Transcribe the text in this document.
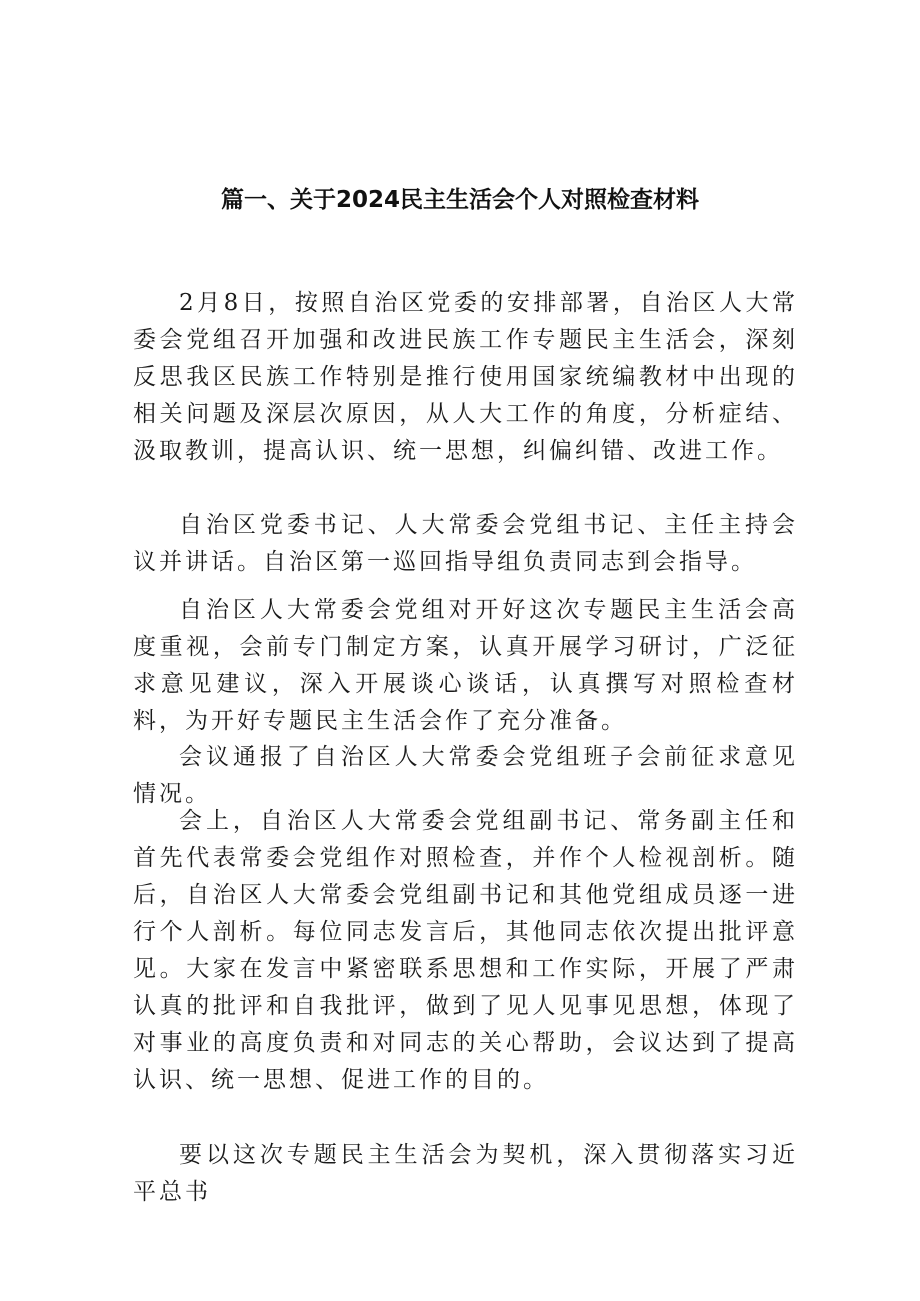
篇一、关于2024民主生活会个人对照检查材料

2月8日，按照自治区党委的安排部署，自治区人大常委会党组召开加强和改进民族工作专题民主生活会，深刻反思我区民族工作特别是推行使用国家统编教材中出现的相关问题及深层次原因，从人大工作的角度，分析症结、汲取教训，提高认识、统一思想，纠偏纠错、改进工作。

自治区党委书记、人大常委会党组书记、主任主持会议并讲话。自治区第一巡回指导组负责同志到会指导。

自治区人大常委会党组对开好这次专题民主生活会高度重视，会前专门制定方案，认真开展学习研讨，广泛征求意见建议，深入开展谈心谈话，认真撰写对照检查材料，为开好专题民主生活会作了充分准备。

会议通报了自治区人大常委会党组班子会前征求意见情况。

会上，自治区人大常委会党组副书记、常务副主任和首先代表常委会党组作对照检查，并作个人检视剖析。随后，自治区人大常委会党组副书记和其他党组成员逐一进行个人剖析。每位同志发言后，其他同志依次提出批评意见。大家在发言中紧密联系思想和工作实际，开展了严肃认真的批评和自我批评，做到了见人见事见思想，体现了对事业的高度负责和对同志的关心帮助，会议达到了提高认识、统一思想、促进工作的目的。

要以这次专题民主生活会为契机，深入贯彻落实习近平总书
